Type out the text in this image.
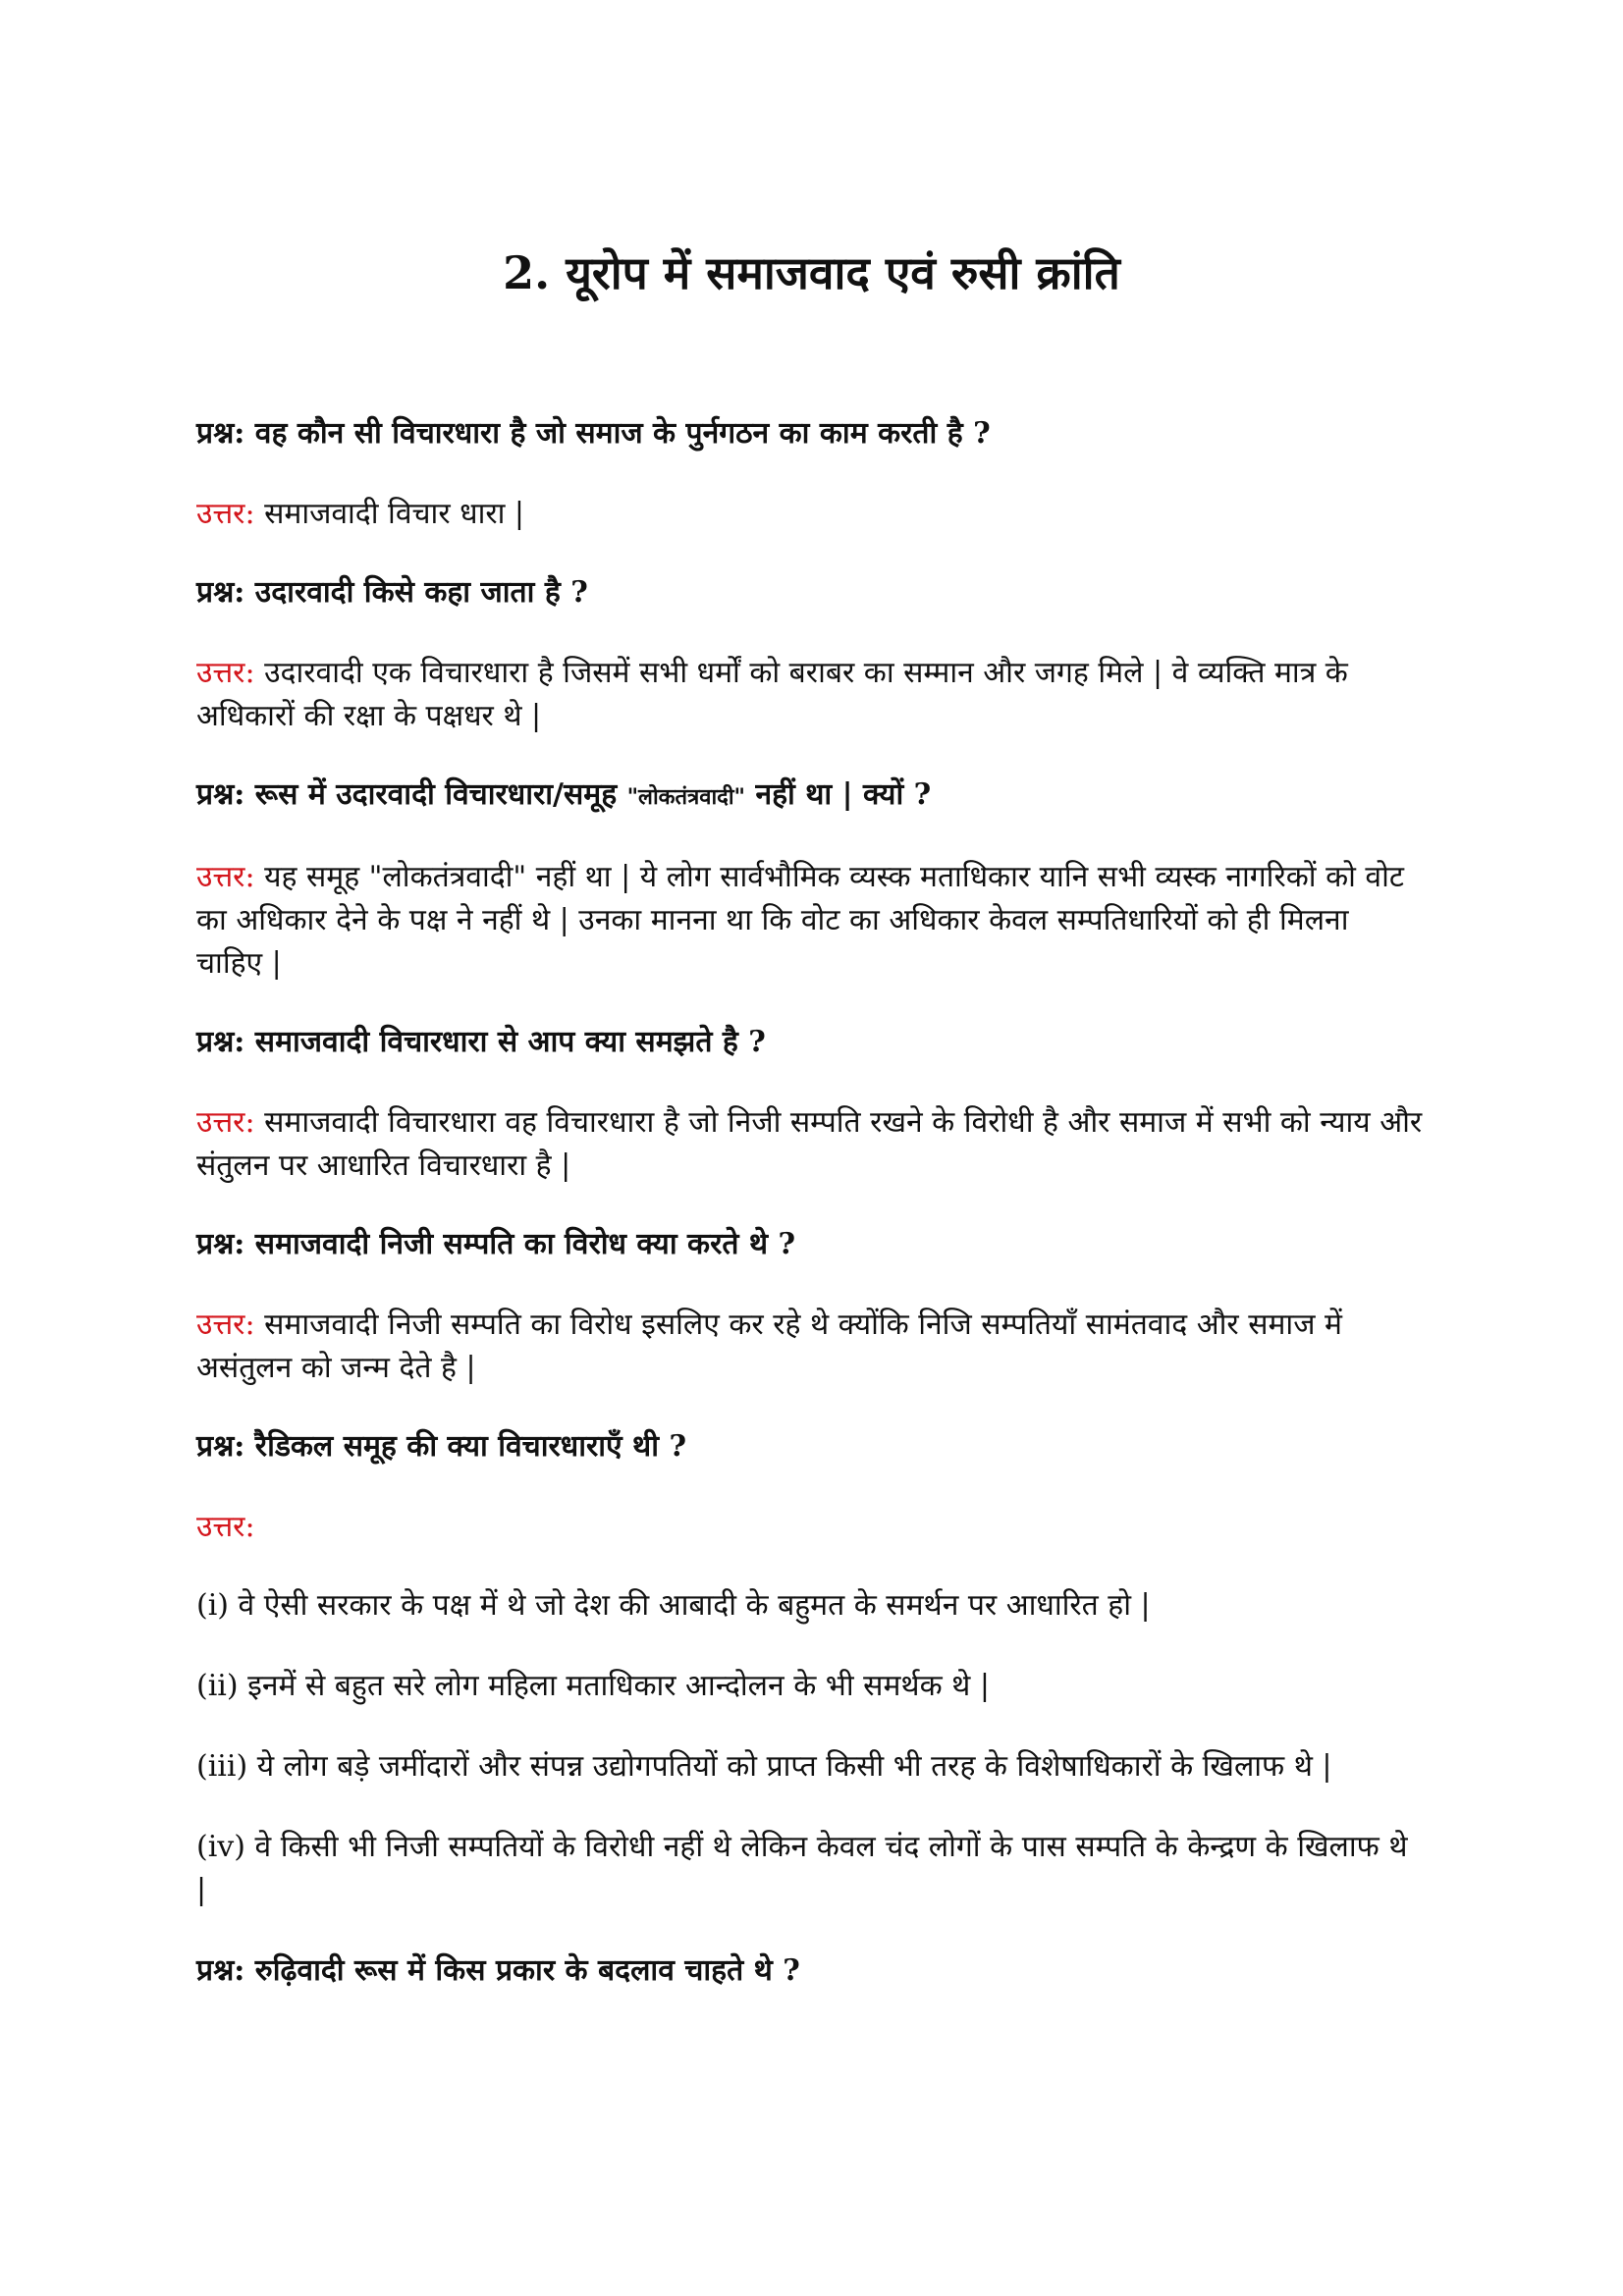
2. यूरोप में समाजवाद एवं रुसी क्रांति
प्रश्न: वह कौन सी विचारधारा है जो समाज के पुर्नगठन का काम करती है ?
उत्तर: समाजवादी विचार धारा |
प्रश्न: उदारवादी किसे कहा जाता है ?
उत्तर: उदारवादी एक विचारधारा है जिसमें सभी धर्मों को बराबर का सम्मान और जगह मिले | वे व्यक्ति मात्र के अधिकारों की रक्षा के पक्षधर थे |
प्रश्न: रूस में उदारवादी विचारधारा/समूह "लोकतंत्रवादी" नहीं था | क्यों ?
उत्तर: यह समूह "लोकतंत्रवादी" नहीं था | ये लोग सार्वभौमिक व्यस्क मताधिकार यानि सभी व्यस्क नागरिकों को वोट का अधिकार देने के पक्ष ने नहीं थे | उनका मानना था कि वोट का अधिकार केवल सम्पतिधारियों को ही मिलना चाहिए |
प्रश्न: समाजवादी विचारधारा से आप क्या समझते है ?
उत्तर: समाजवादी विचारधारा वह विचारधारा है जो निजी सम्पति रखने के विरोधी है और समाज में सभी को न्याय और संतुलन पर आधारित विचारधारा है |
प्रश्न: समाजवादी निजी सम्पति का विरोध क्या करते थे ?
उत्तर: समाजवादी निजी सम्पति का विरोध इसलिए कर रहे थे क्योंकि निजि सम्पतियाँ सामंतवाद और समाज में असंतुलन को जन्म देते है |
प्रश्न: रैडिकल समूह की क्या विचारधाराएँ थी ?
उत्तर:
(i) वे ऐसी सरकार के पक्ष में थे जो देश की आबादी के बहुमत के समर्थन पर आधारित हो |
(ii) इनमें से बहुत सरे लोग महिला मताधिकार आन्दोलन के भी समर्थक थे |
(iii) ये लोग बड़े जमींदारों और संपन्न उद्योगपतियों को प्राप्त किसी भी तरह के विशेषाधिकारों के खिलाफ थे |
(iv) वे किसी भी निजी सम्पतियों के विरोधी नहीं थे लेकिन केवल चंद लोगों के पास सम्पति के केन्द्रण के खिलाफ थे |
प्रश्न: रुढ़िवादी रूस में किस प्रकार के बदलाव चाहते थे ?
